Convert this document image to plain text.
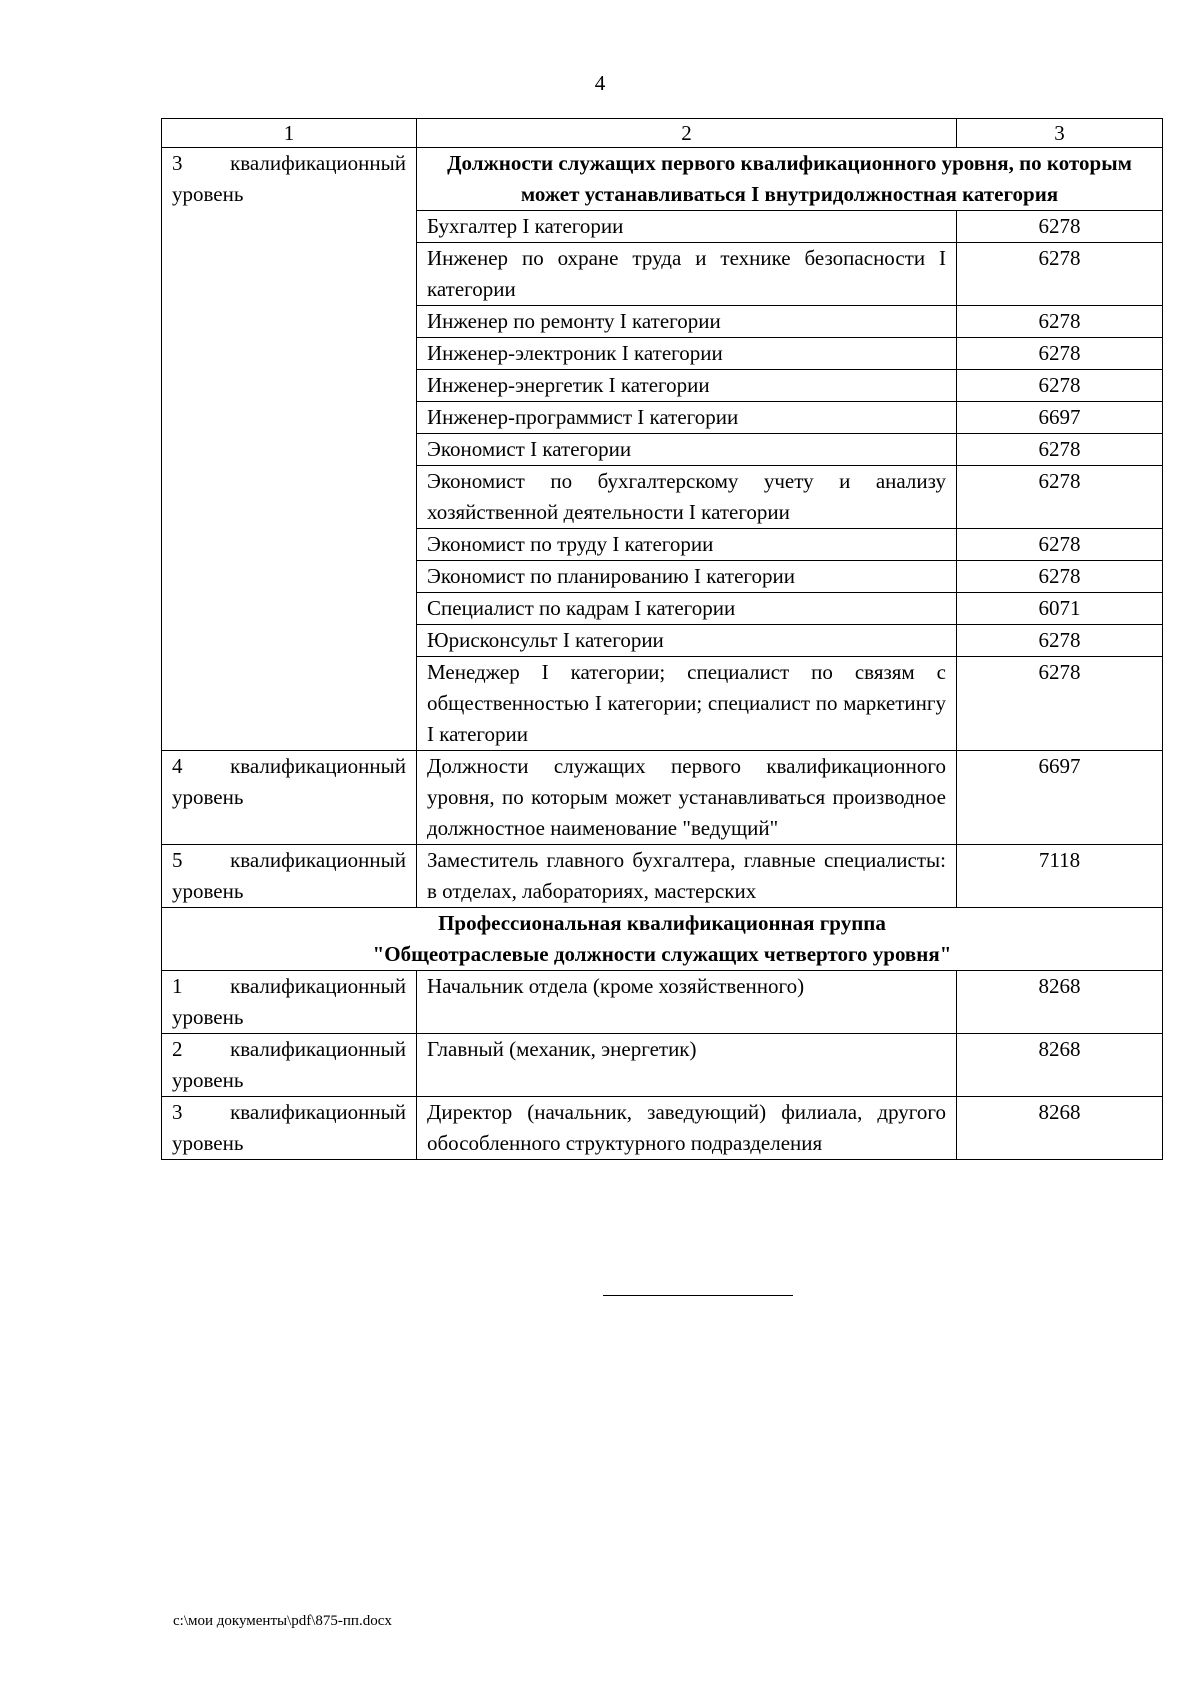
4
1	2	3
3 квалификационный уровень	Должности служащих первого квалификационного уровня, по которым может устанавливаться I внутридолжностная категория	
	Бухгалтер I категории	6278
	Инженер по охране труда и технике безопасности I категории	6278
	Инженер по ремонту I категории	6278
	Инженер-электроник I категории	6278
	Инженер-энергетик I категории	6278
	Инженер-программист I категории	6697
	Экономист I категории	6278
	Экономист по бухгалтерскому учету и анализу хозяйственной деятельности I категории	6278
	Экономист по труду I категории	6278
	Экономист по планированию I категории	6278
	Специалист по кадрам I категории	6071
	Юрисконсульт I категории	6278
	Менеджер I категории; специалист по связям с общественностью I категории; специалист по маркетингу I категории	6278
4 квалификационный уровень	Должности служащих первого квалификационного уровня, по которым может устанавливаться производное должностное наименование "ведущий"	6697
5 квалификационный уровень	Заместитель главного бухгалтера, главные специалисты: в отделах, лабораториях, мастерских	7118

Профессиональная квалификационная группа
"Общеотраслевые должности служащих четвертого уровня"		

1 квалификационный уровень	Начальник отдела (кроме хозяйственного)	8268
2 квалификационный уровень	Главный (механик, энергетик)	8268
3 квалификационный уровень	Директор (начальник, заведующий) филиала, другого обособленного структурного подразделения	8268
c:\мои документы\pdf\875-пп.docx
